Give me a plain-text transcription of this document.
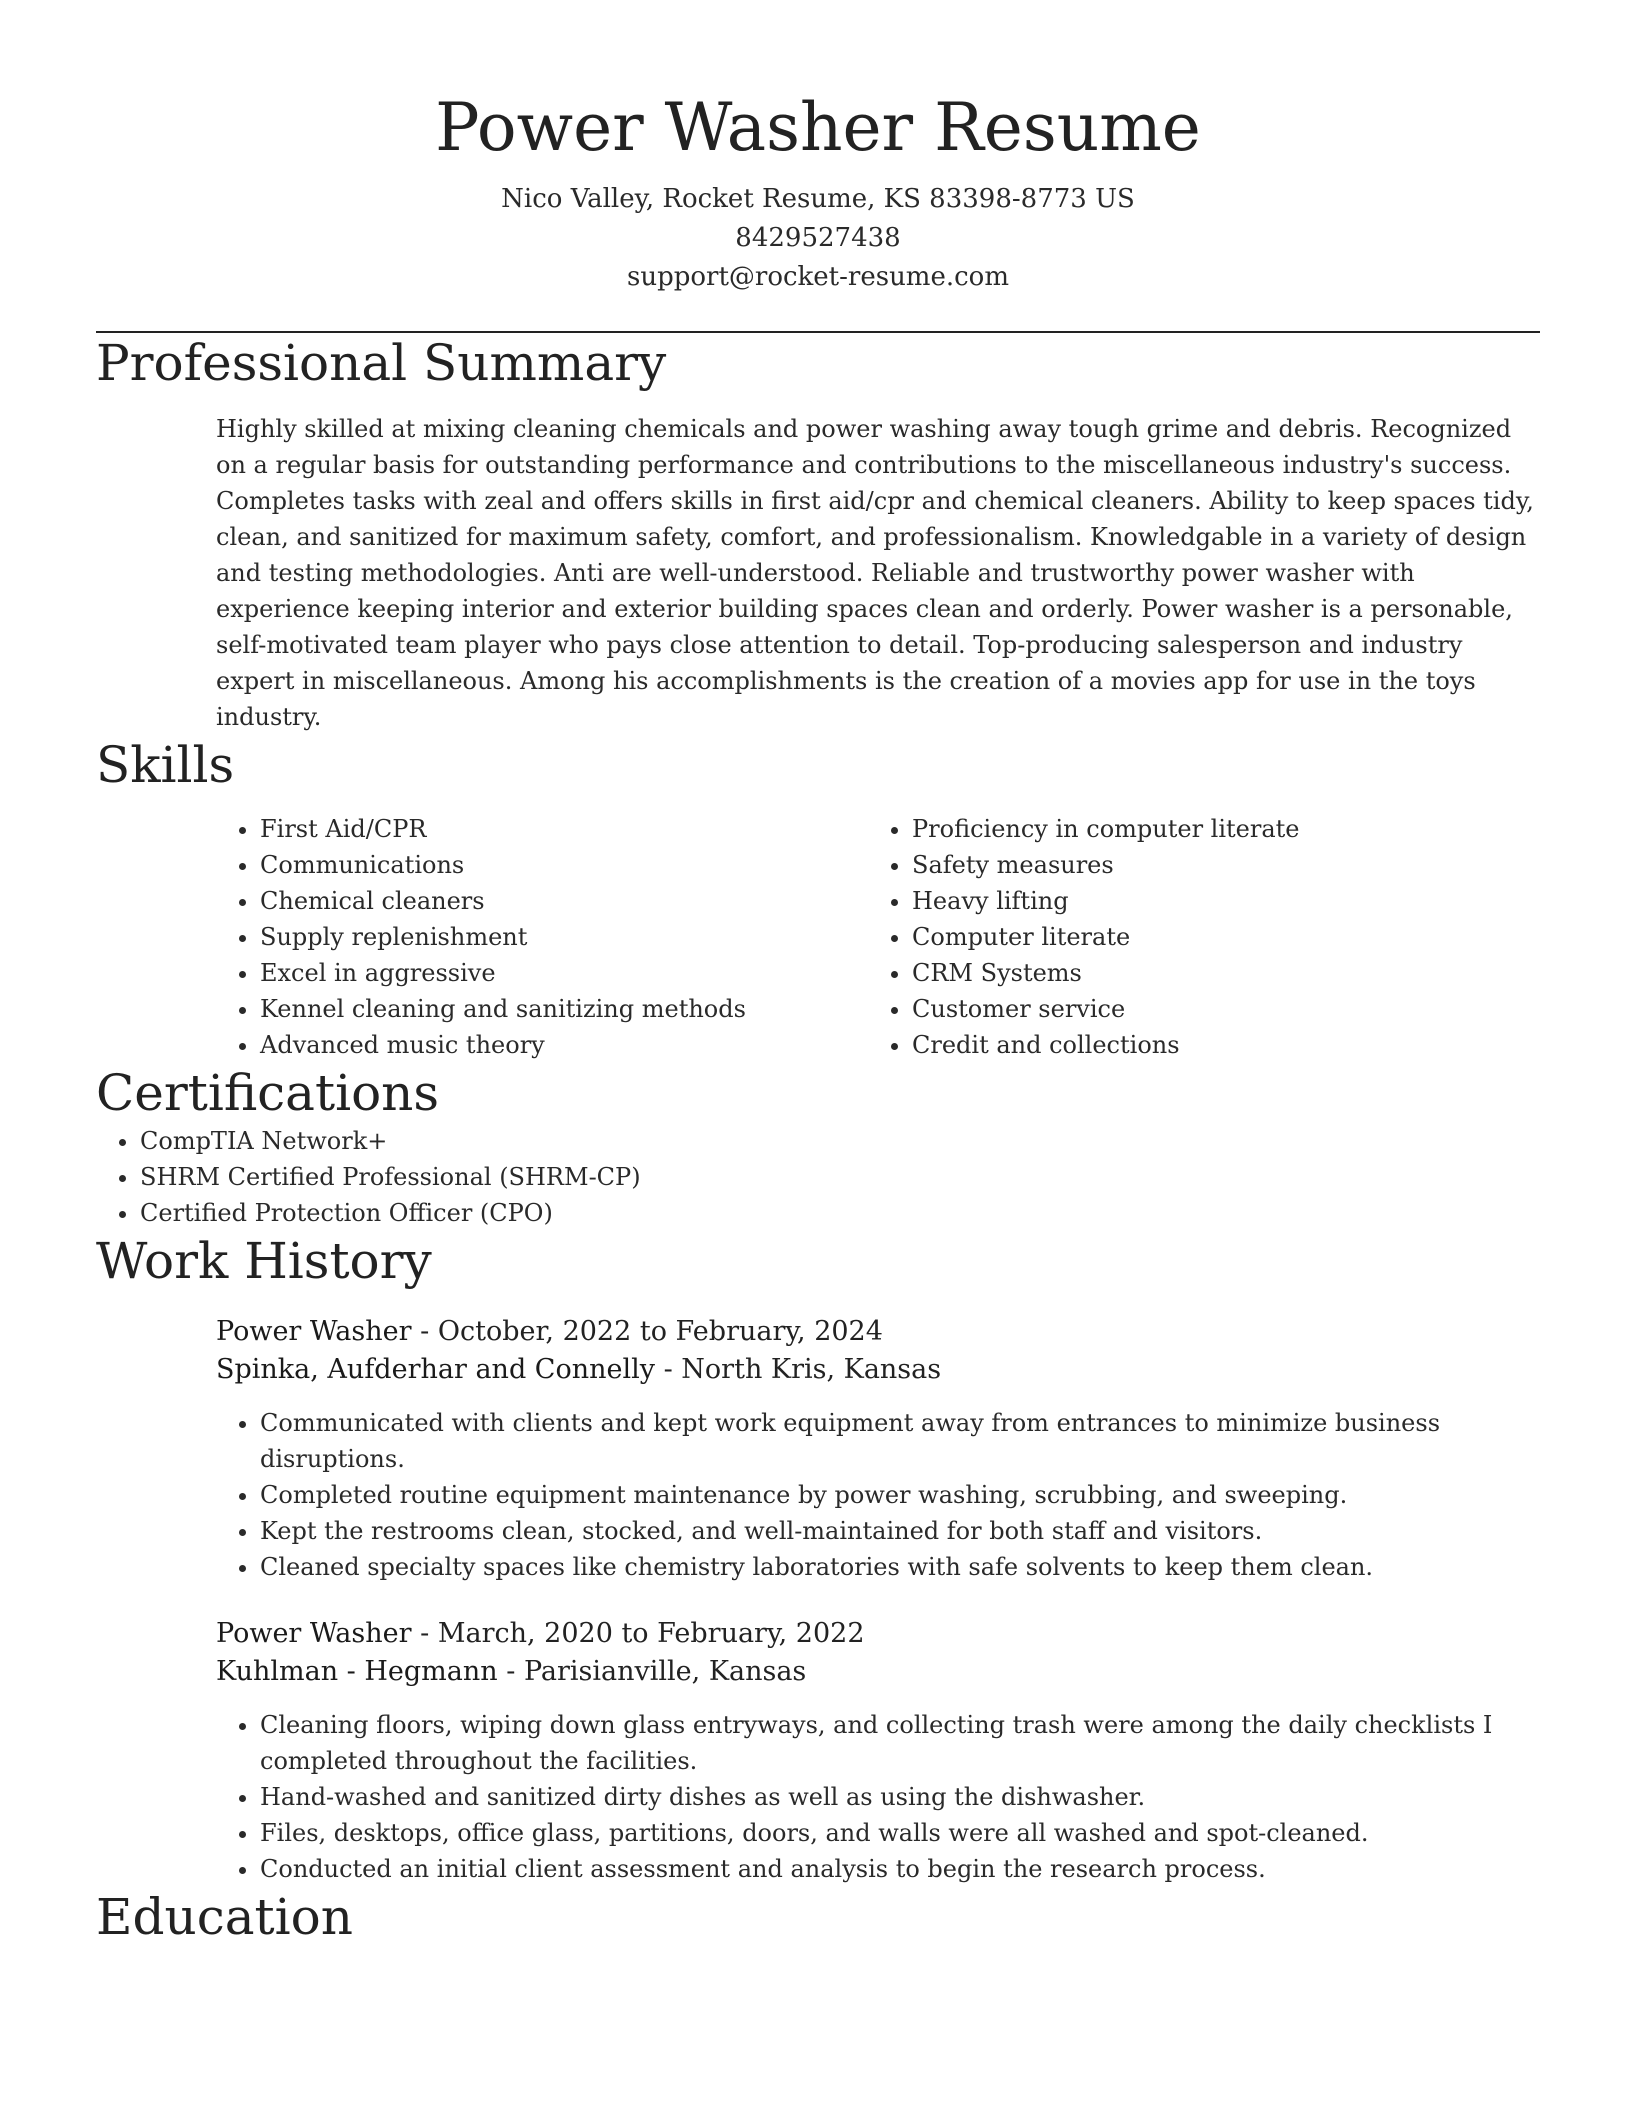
Power Washer Resume
Nico Valley, Rocket Resume, KS 83398-8773 US
8429527438
support@rocket-resume.com
Professional Summary
Highly skilled at mixing cleaning chemicals and power washing away tough grime and debris. Recognized on a regular basis for outstanding performance and contributions to the miscellaneous industry's success. Completes tasks with zeal and offers skills in first aid/cpr and chemical cleaners. Ability to keep spaces tidy, clean, and sanitized for maximum safety, comfort, and professionalism. Knowledgable in a variety of design and testing methodologies. Anti are well-understood. Reliable and trustworthy power washer with experience keeping interior and exterior building spaces clean and orderly. Power washer is a personable, self-motivated team player who pays close attention to detail. Top-producing salesperson and industry expert in miscellaneous. Among his accomplishments is the creation of a movies app for use in the toys industry.
Skills
• First Aid/CPR
• Communications
• Chemical cleaners
• Supply replenishment
• Excel in aggressive
• Kennel cleaning and sanitizing methods
• Advanced music theory
• Proficiency in computer literate
• Safety measures
• Heavy lifting
• Computer literate
• CRM Systems
• Customer service
• Credit and collections
Certifications
• CompTIA Network+
• SHRM Certified Professional (SHRM-CP)
• Certified Protection Officer (CPO)
Work History
Power Washer - October, 2022 to February, 2024
Spinka, Aufderhar and Connelly - North Kris, Kansas
• Communicated with clients and kept work equipment away from entrances to minimize business disruptions.
• Completed routine equipment maintenance by power washing, scrubbing, and sweeping.
• Kept the restrooms clean, stocked, and well-maintained for both staff and visitors.
• Cleaned specialty spaces like chemistry laboratories with safe solvents to keep them clean.
Power Washer - March, 2020 to February, 2022
Kuhlman - Hegmann - Parisianville, Kansas
• Cleaning floors, wiping down glass entryways, and collecting trash were among the daily checklists I completed throughout the facilities.
• Hand-washed and sanitized dirty dishes as well as using the dishwasher.
• Files, desktops, office glass, partitions, doors, and walls were all washed and spot-cleaned.
• Conducted an initial client assessment and analysis to begin the research process.
Education
